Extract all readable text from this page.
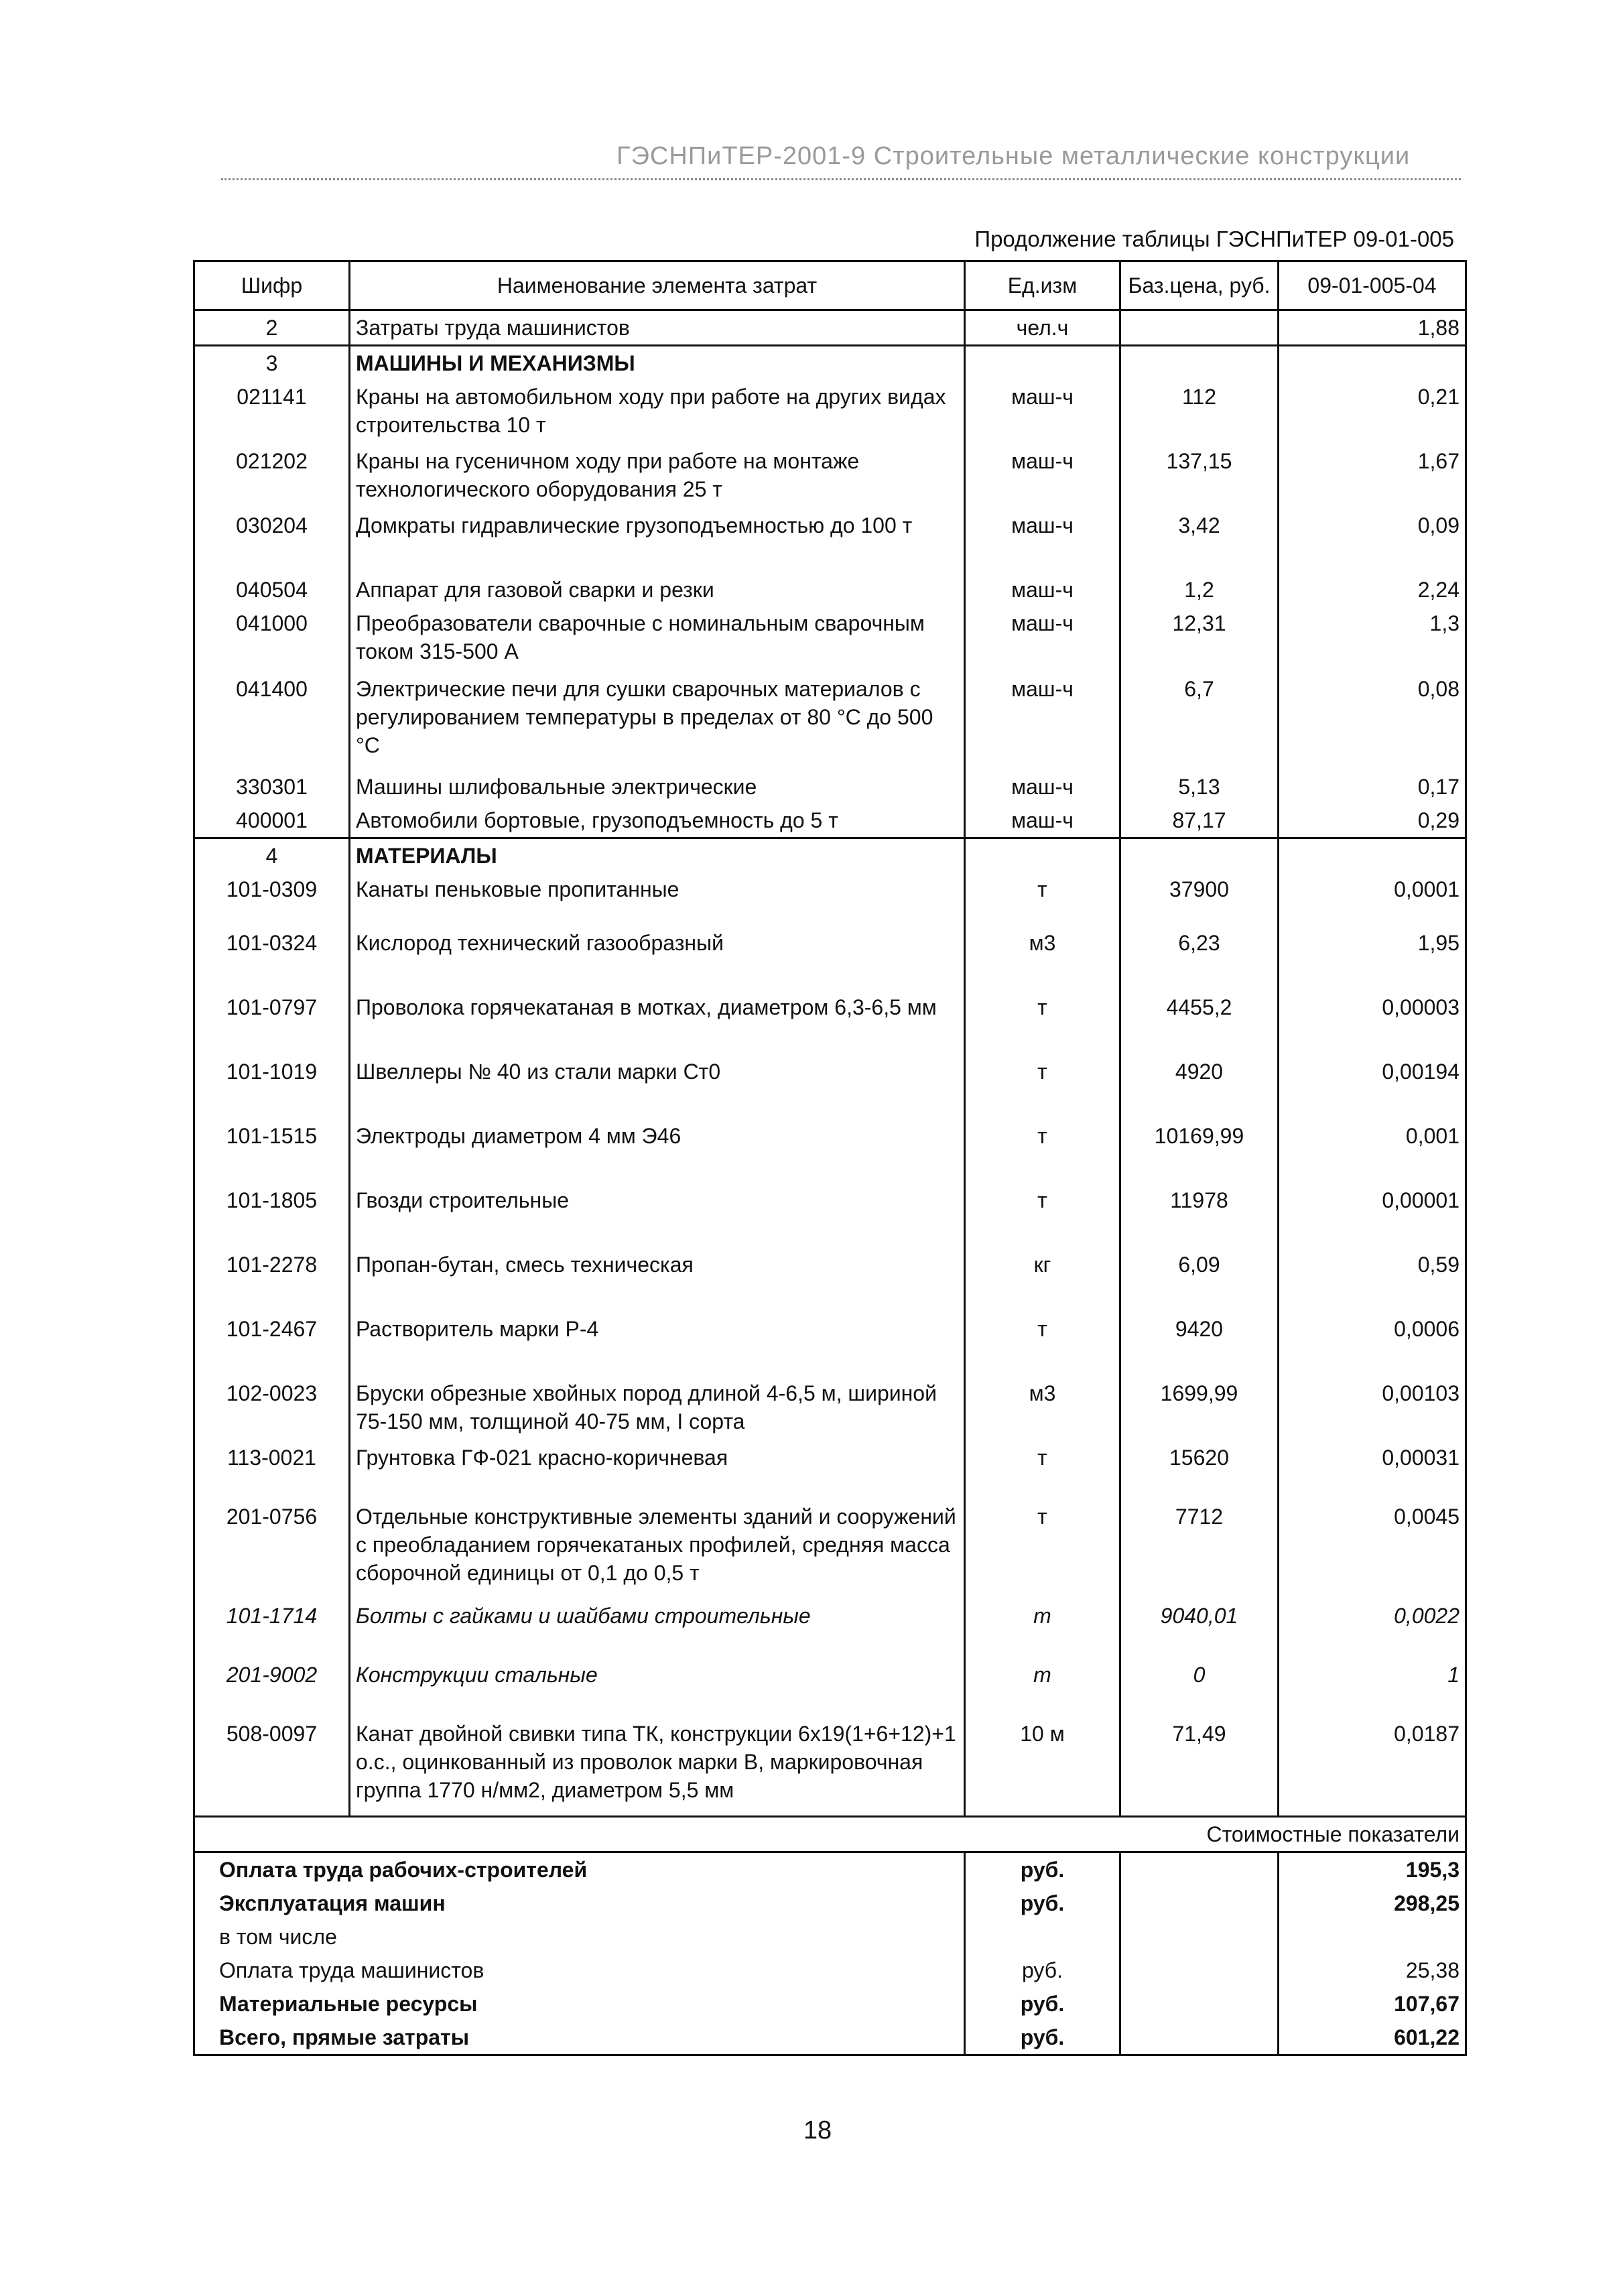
ГЭСНПиТЕР-2001-9 Строительные металлические конструкции
Продолжение таблицы ГЭСНПиТЕР 09-01-005
Шифр	Наименование элемента затрат	Ед.изм	Баз.цена, руб.	09-01-005-04
2	Затраты труда машинистов	чел.ч		1,88
3	МАШИНЫ И МЕХАНИЗМЫ			
021141	Краны на автомобильном ходу при работе на других видах строительства 10 т	маш-ч	112	0,21
021202	Краны на гусеничном ходу при работе на монтаже технологического оборудования 25 т	маш-ч	137,15	1,67
030204	Домкраты гидравлические грузоподъемностью до 100 т	маш-ч	3,42	0,09
040504	Аппарат для газовой сварки и резки	маш-ч	1,2	2,24
041000	Преобразователи сварочные с номинальным сварочным током 315-500 А	маш-ч	12,31	1,3
041400	Электрические печи для сушки сварочных материалов с регулированием температуры в пределах от 80 °С до 500 °С	маш-ч	6,7	0,08
330301	Машины шлифовальные электрические	маш-ч	5,13	0,17
400001	Автомобили бортовые, грузоподъемность до 5 т	маш-ч	87,17	0,29
4	МАТЕРИАЛЫ			
101-0309	Канаты пеньковые пропитанные	т	37900	0,0001
101-0324	Кислород технический газообразный	м3	6,23	1,95
101-0797	Проволока горячекатаная в мотках, диаметром 6,3-6,5 мм	т	4455,2	0,00003
101-1019	Швеллеры № 40 из стали марки Ст0	т	4920	0,00194
101-1515	Электроды диаметром 4 мм Э46	т	10169,99	0,001
101-1805	Гвозди строительные	т	11978	0,00001
101-2278	Пропан-бутан, смесь техническая	кг	6,09	0,59
101-2467	Растворитель марки Р-4	т	9420	0,0006
102-0023	Бруски обрезные хвойных пород длиной 4-6,5 м, шириной 75-150 мм, толщиной 40-75 мм, I сорта	м3	1699,99	0,00103
113-0021	Грунтовка ГФ-021 красно-коричневая	т	15620	0,00031
201-0756	Отдельные конструктивные элементы зданий и сооружений с преобладанием горячекатаных профилей, средняя масса сборочной единицы от 0,1 до 0,5 т	т	7712	0,0045
101-1714	Болты с гайками и шайбами строительные	т	9040,01	0,0022
201-9002	Конструкции стальные	т	0	1
508-0097	Канат двойной свивки типа ТК, конструкции 6х19(1+6+12)+1 о.с., оцинкованный из проволок марки В, маркировочная группа 1770 н/мм2, диаметром 5,5 мм	10 м	71,49	0,0187
Стоимостные показатели				
Оплата труда рабочих-строителей		руб.		195,3
Эксплуатация машин		руб.		298,25
в том числе				
Оплата труда машинистов		руб.		25,38
Материальные ресурсы		руб.		107,67
Всего, прямые затраты		руб.		601,22
18
